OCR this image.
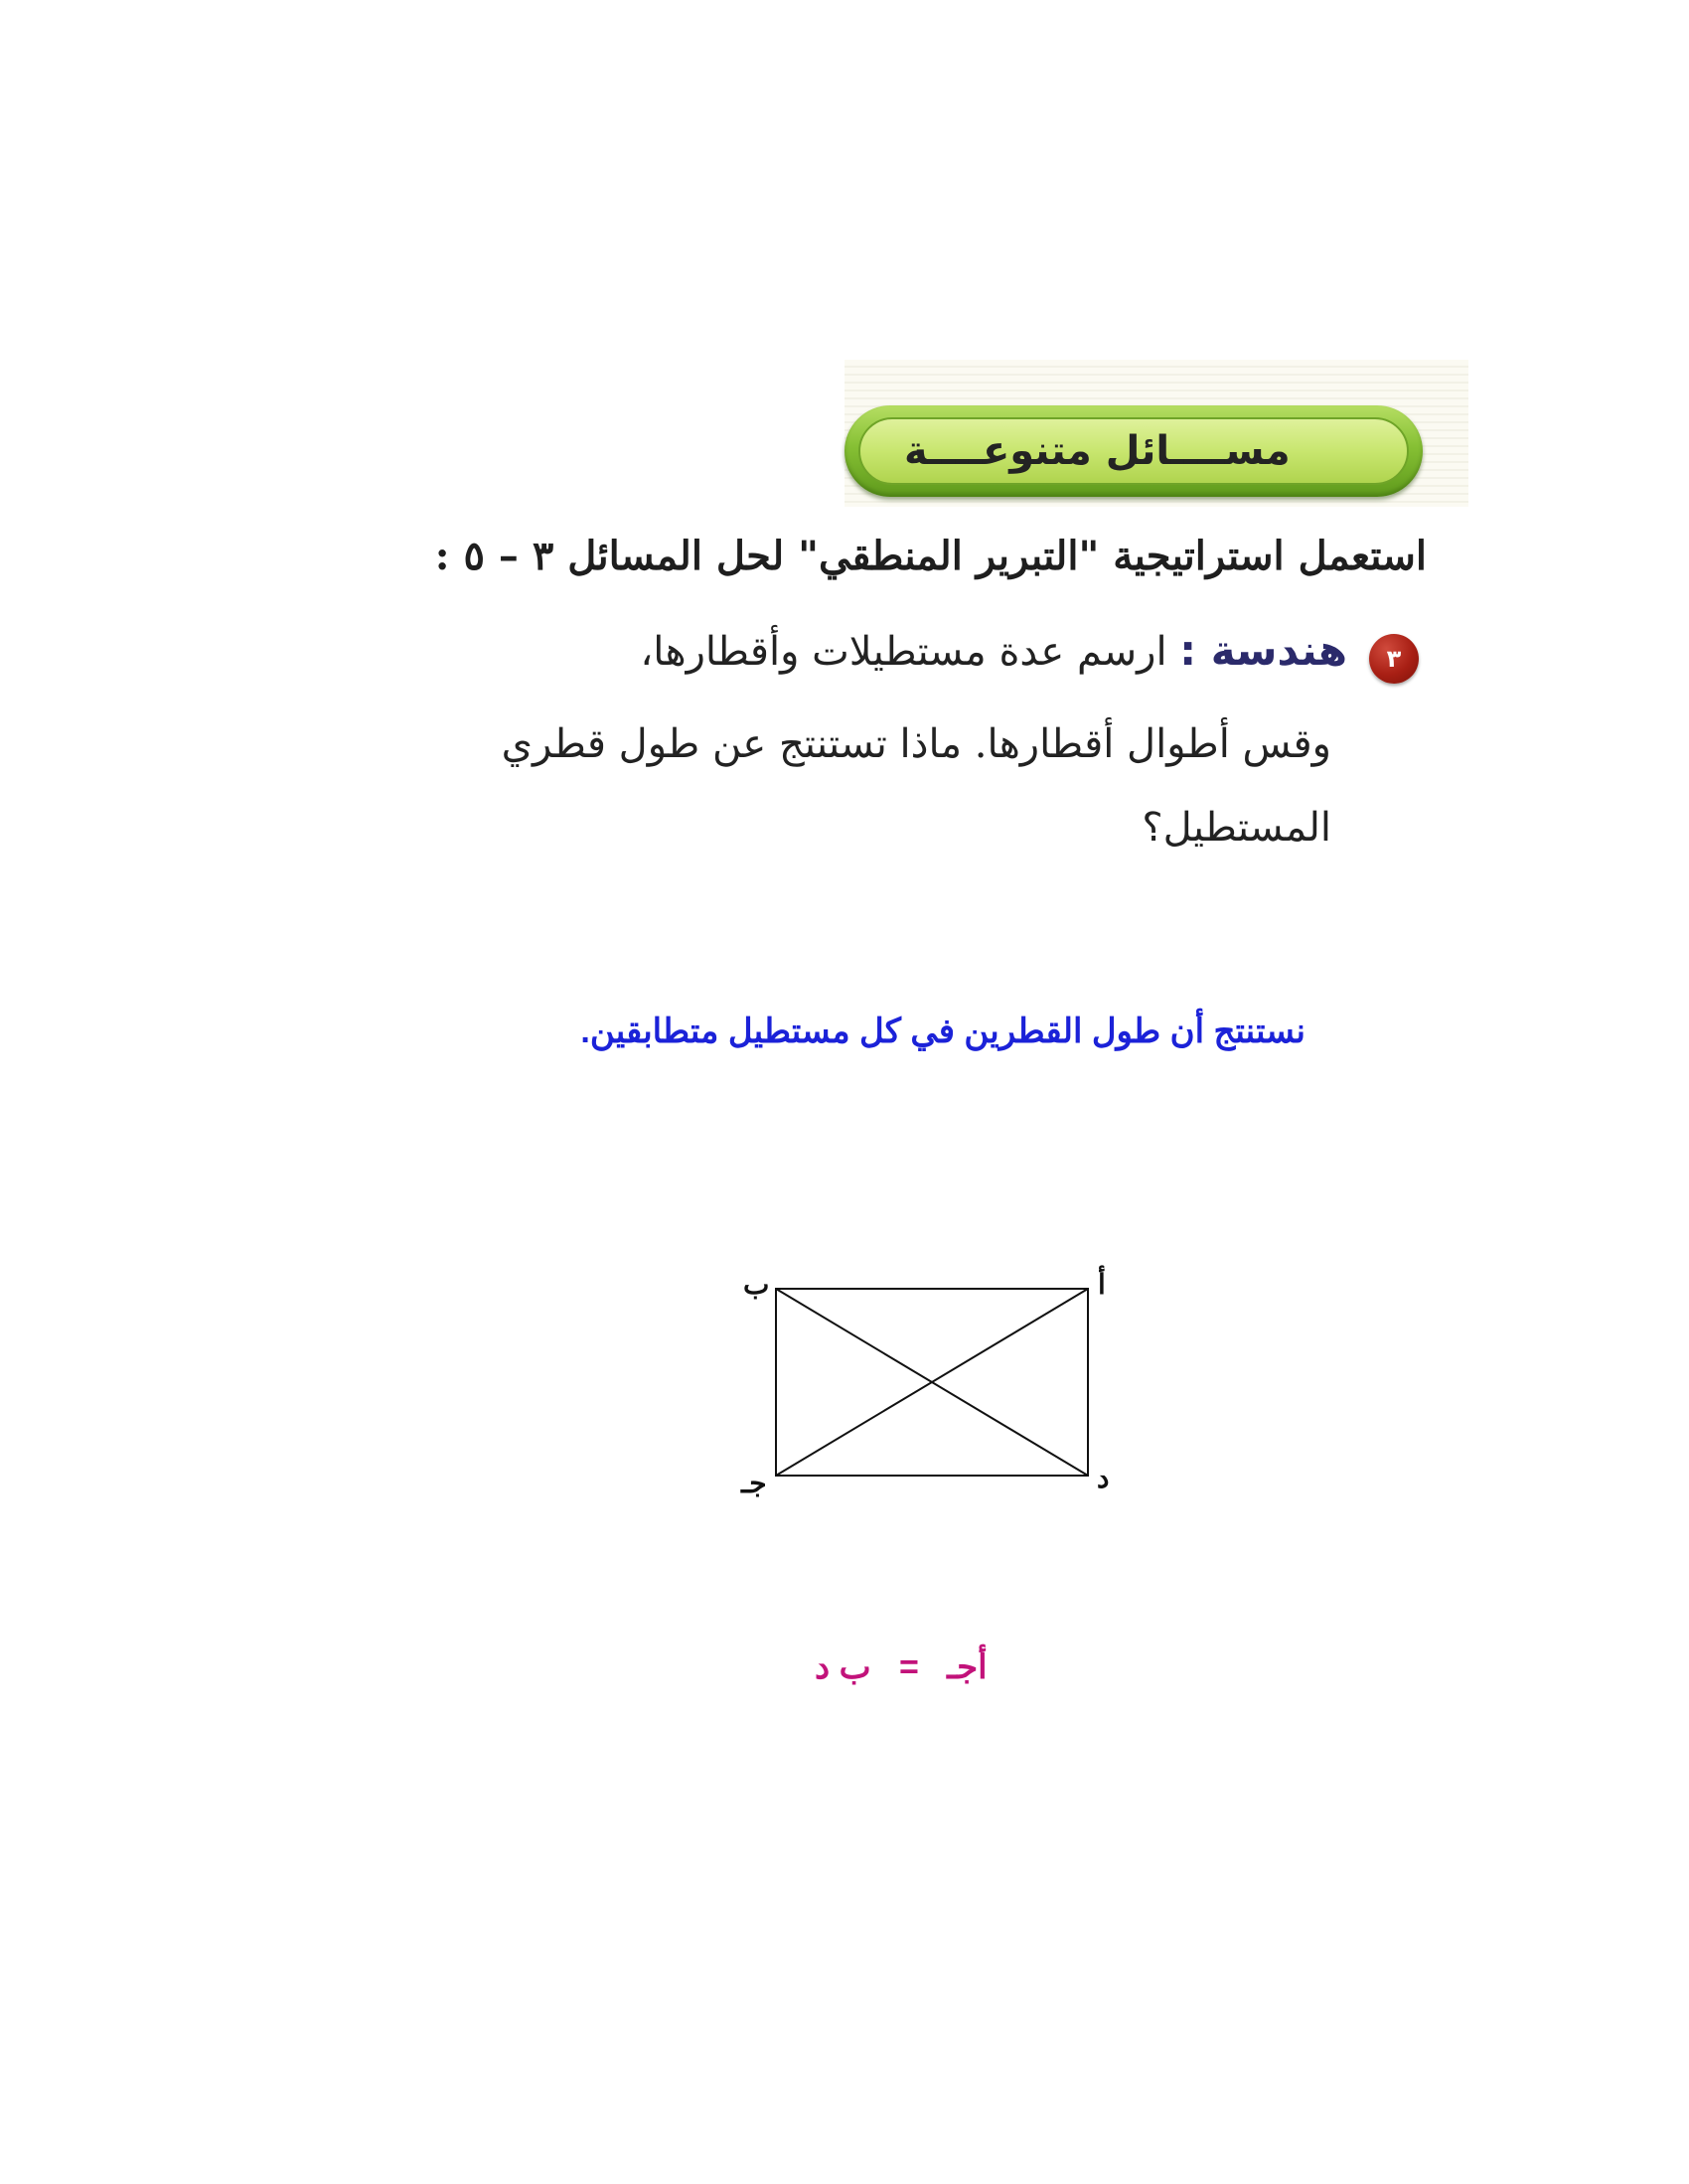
مســــائل متنوعــــة
استعمل استراتيجية "التبرير المنطقي" لحل المسائل ٣ – ٥ :
٣
هندسة : ارسم عدة مستطيلات وأقطارها،
وقس أطوال أقطارها. ماذا تستنتج عن طول قطري
المستطيل؟
نستنتج أن طول القطرين في كل مستطيل متطابقين.
أ
ب
جـ	د
أجـ   =   ب د
